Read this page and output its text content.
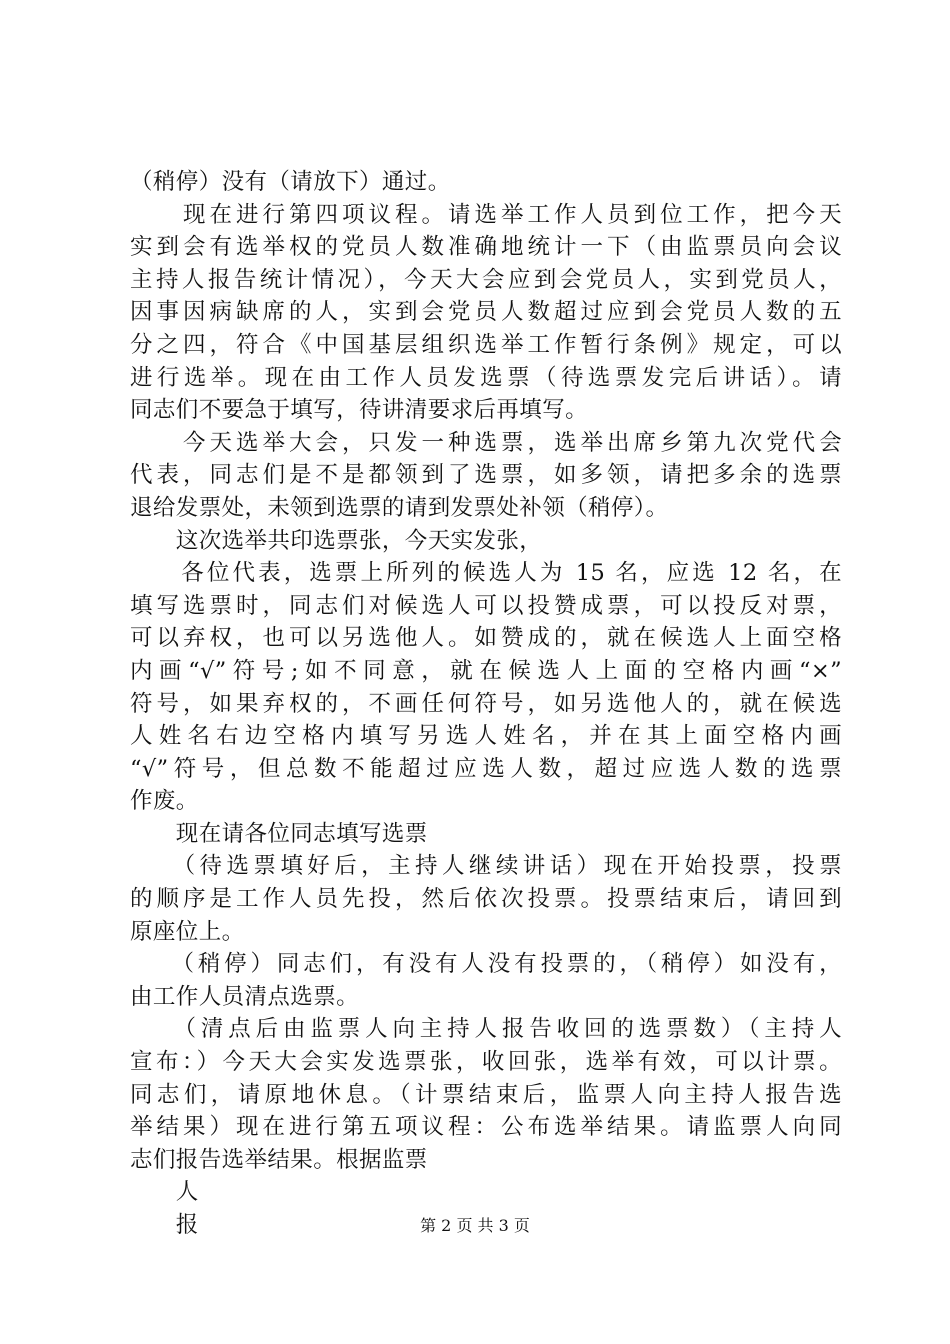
（稍停）没有（请放下）通过。
　　现在进行第四项议程。请选举工作人员到位工作，把今天
实到会有选举权的党员人数准确地统计一下（由监票员向会议
主持人报告统计情况），今天大会应到会党员人，实到党员人，
因事因病缺席的人，实到会党员人数超过应到会党员人数的五
分之四，符合《中国基层组织选举工作暂行条例》规定，可以
进行选举。现在由工作人员发选票（待选票发完后讲话）。请
同志们不要急于填写，待讲清要求后再填写。
　　今天选举大会，只发一种选票，选举出席乡第九次党代会
代表，同志们是不是都领到了选票，如多领，请把多余的选票
退给发票处，未领到选票的请到发票处补领（稍停）。
　　这次选举共印选票张，今天实发张，
　　各位代表，选票上所列的候选人为 15 名，应选 12 名，在
填写选票时，同志们对候选人可以投赞成票，可以投反对票，
可以弃权，也可以另选他人。如赞成的，就在候选人上面空格
内画“√”符号;如不同意，就在候选人上面的空格内画“×”
符号，如果弃权的，不画任何符号，如另选他人的，就在候选
人姓名右边空格内填写另选人姓名，并在其上面空格内画
“√”符号，但总数不能超过应选人数，超过应选人数的选票
作废。
　　现在请各位同志填写选票
　　（待选票填好后，主持人继续讲话）现在开始投票，投票
的顺序是工作人员先投，然后依次投票。投票结束后，请回到
原座位上。
　　（稍停）同志们，有没有人没有投票的，（稍停）如没有，
由工作人员清点选票。
　　（清点后由监票人向主持人报告收回的选票数）（主持人
宣布：）今天大会实发选票张，收回张，选举有效，可以计票。
同志们，请原地休息。（计票结束后，监票人向主持人报告选
举结果）现在进行第五项议程：公布选举结果。请监票人向同
志们报告选举结果。根据监票
　　人
　　报	第 2 页 共 3 页
